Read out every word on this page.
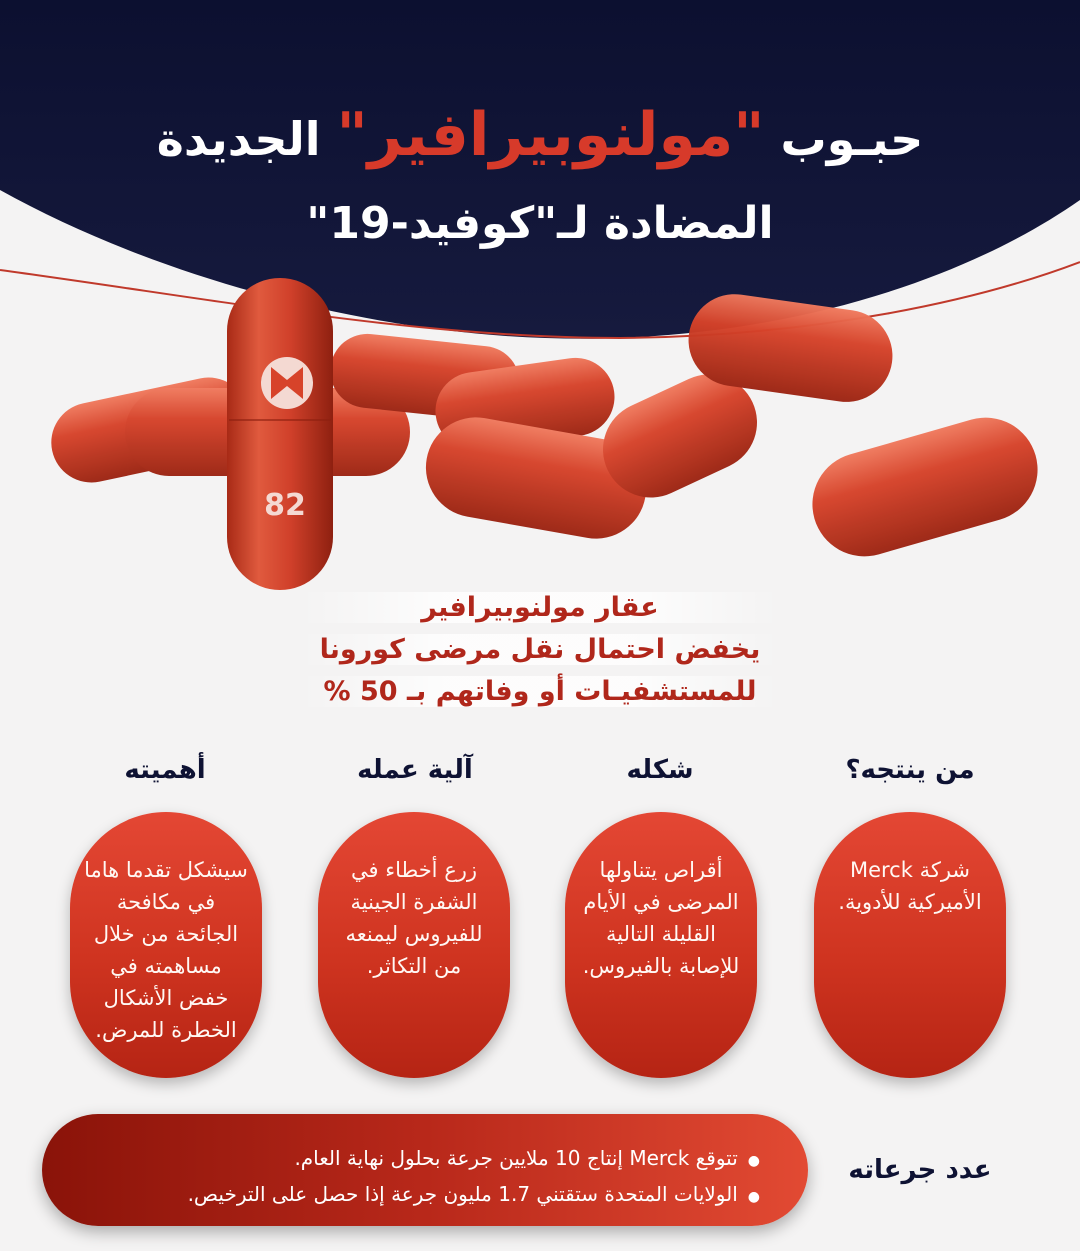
حبـوب "مولنوبيرافير" الجديدة
المضادة لـ"كوفيد-19"
82
عقار مولنوبيرافير
يخفض احتمال نقل مرضى كورونا
للمستشفيـات أو وفاتهم بـ 50 %
من ينتجه؟
شكله
آلية عمله
أهميته
شركة Merck الأميركية للأدوية.
أقراص يتناولها المرضى في الأيام القليلة التالية للإصابة بالفيروس.
زرع أخطاء في الشفرة الجينية للفيروس ليمنعه من التكاثر.
سيشكل تقدما هاما في مكافحة الجائحة من خلال مساهمته في خفض الأشكال الخطرة للمرض.
● تتوقع Merck إنتاج 10 ملايين جرعة بحلول نهاية العام.
● الولايات المتحدة ستقتني 1.7 مليون جرعة إذا حصل على الترخيص.
عدد جرعاته
